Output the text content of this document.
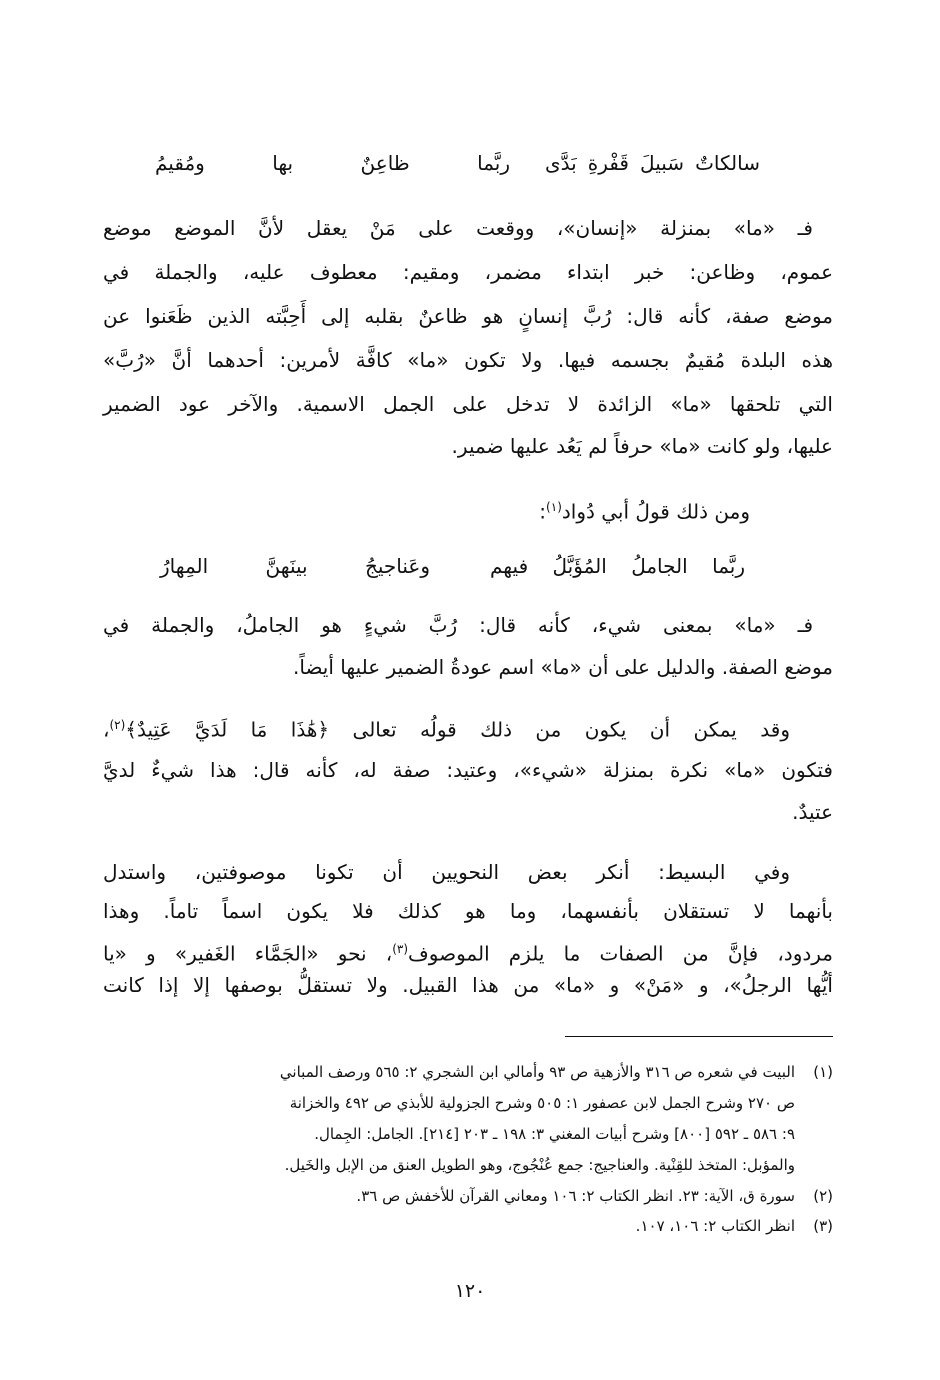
سالكاتٌ سَبيلَ قَفْرةِ بَدَّى
ربَّما ظاعِنٌ بها ومُقيمُ
فـ «ما» بمنزلة «إنسان»، ووقعت على مَنْ يعقل لأنَّ الموضع موضع
عموم، وظاعن: خبر ابتداء مضمر، ومقيم: معطوف عليه، والجملة في
موضع صفة، كأنه قال: رُبَّ إنسانٍ هو ظاعنٌ بقلبه إلى أَحِبَّته الذين ظَعَنوا عن
هذه البلدة مُقيمٌ بجسمه فيها. ولا تكون «ما» كافَّة لأمرين: أحدهما أنَّ «رُبَّ»
التي تلحقها «ما» الزائدة لا تدخل على الجمل الاسمية. والآخر عود الضمير
عليها، ولو كانت «ما» حرفاً لم يَعُد عليها ضمير.
ومن ذلك قولُ أبي دُواد$^{(١)}$:
ربَّما الجاملُ المُؤَبَّلُ فيهم
وعَناجيجُ بينَهنَّ المِهارُ
فـ «ما» بمعنى شيء، كأنه قال: رُبَّ شيءٍ هو الجاملُ، والجملة في
موضع الصفة. والدليل على أن «ما» اسم عودةُ الضمير عليها أيضاً.
وقد يمكن أن يكون من ذلك قولُه تعالى ﴿هَٰذَا مَا لَدَيَّ عَتِيدٌ﴾$^{(٢)}$،
فتكون «ما» نكرة بمنزلة «شيء»، وعتيد: صفة له، كأنه قال: هذا شيءٌ لديَّ
عتيدٌ.
وفي البسيط: أنكر بعض النحويين أن تكونا موصوفتين، واستدل
بأنهما لا تستقلان بأنفسهما، وما هو كذلك فلا يكون اسماً تاماً. وهذا
مردود، فإنَّ من الصفات ما يلزم الموصوف$^{(٣)}$، نحو «الجَمَّاء الغَفير» و «يا
أيُّها الرجلُ»، و «مَنْ» و «ما» من هذا القبيل. ولا تستقلُّ بوصفها إلا إذا كانت
(١)البيت في شعره ص ٣١٦ والأزهية ص ٩٣ وأمالي ابن الشجري ٢: ٥٦٥ ورصف المباني
ص ٢٧٠ وشرح الجمل لابن عصفور ١: ٥٠٥ وشرح الجزولية للأبذي ص ٤٩٢ والخزانة
٩: ٥٨٦ ـ ٥٩٢ [٨٠٠] وشرح أبيات المغني ٣: ١٩٨ ـ ٢٠٣ [٢١٤]. الجامل: الجِمال.
والمؤبل: المتخذ للقِنْية. والعناجيج: جمع عُنْجُوج، وهو الطويل العنق من الإبل والخَيل.
(٢)سورة ق، الآية: ٢٣. انظر الكتاب ٢: ١٠٦ ومعاني القرآن للأخفش ص ٣٦.
(٣)انظر الكتاب ٢: ١٠٦، ١٠٧.
١٢٠
